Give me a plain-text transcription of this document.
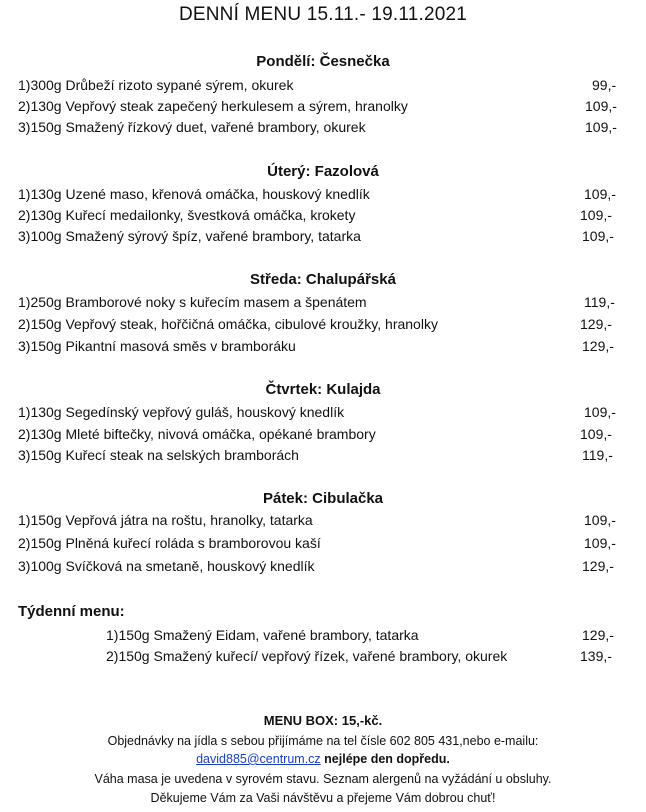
DENNÍ MENU 15.11.- 19.11.2021
Pondělí: Česnečka
1)300g Drůbeží rizoto sypané sýrem, okurek	99,-
2)130g Vepřový steak zapečený herkulesem a sýrem, hranolky	109,-
3)150g Smažený řízkový duet, vařené brambory, okurek	109,-
Úterý: Fazolová
1)130g Uzené maso, křenová omáčka, houskový knedlík	109,-
2)130g Kuřecí medailonky, švestková omáčka, krokety	109,-
3)100g Smažený sýrový špíz, vařené brambory, tatarka	109,-
Středa: Chalupářská
1)250g Bramborové noky s kuřecím masem a špenátem	119,-
2)150g Vepřový steak, hořčičná omáčka, cibulové kroužky, hranolky	129,-
3)150g Pikantní masová směs v bramboráku	129,-
Čtvrtek: Kulajda
1)130g Segedínský vepřový guláš, houskový knedlík	109,-
2)130g Mleté biftečky, nivová omáčka, opékané brambory	109,-
3)150g Kuřecí steak na selských bramborách	119,-
Pátek: Cibulačka
1)150g Vepřová játra na roštu, hranolky, tatarka	109,-
2)150g Plněná kuřecí roláda s bramborovou kaší	109,-
3)100g Svíčková na smetaně, houskový knedlík	129,-
Týdenní menu:
1)150g Smažený Eidam, vařené brambory, tatarka	129,-
2)150g Smažený kuřecí/ vepřový řízek, vařené brambory, okurek	139,-
MENU BOX: 15,-kč.
Objednávky na jídla s sebou přijímáme na tel čísle 602 805 431,nebo e-mailu:
david885@centrum.cz nejlépe den dopředu.
Váha masa je uvedena v syrovém stavu. Seznam alergenů na vyžádání u obsluhy.
Děkujeme Vám za Vaši návštěvu a přejeme Vám dobrou chuť!
